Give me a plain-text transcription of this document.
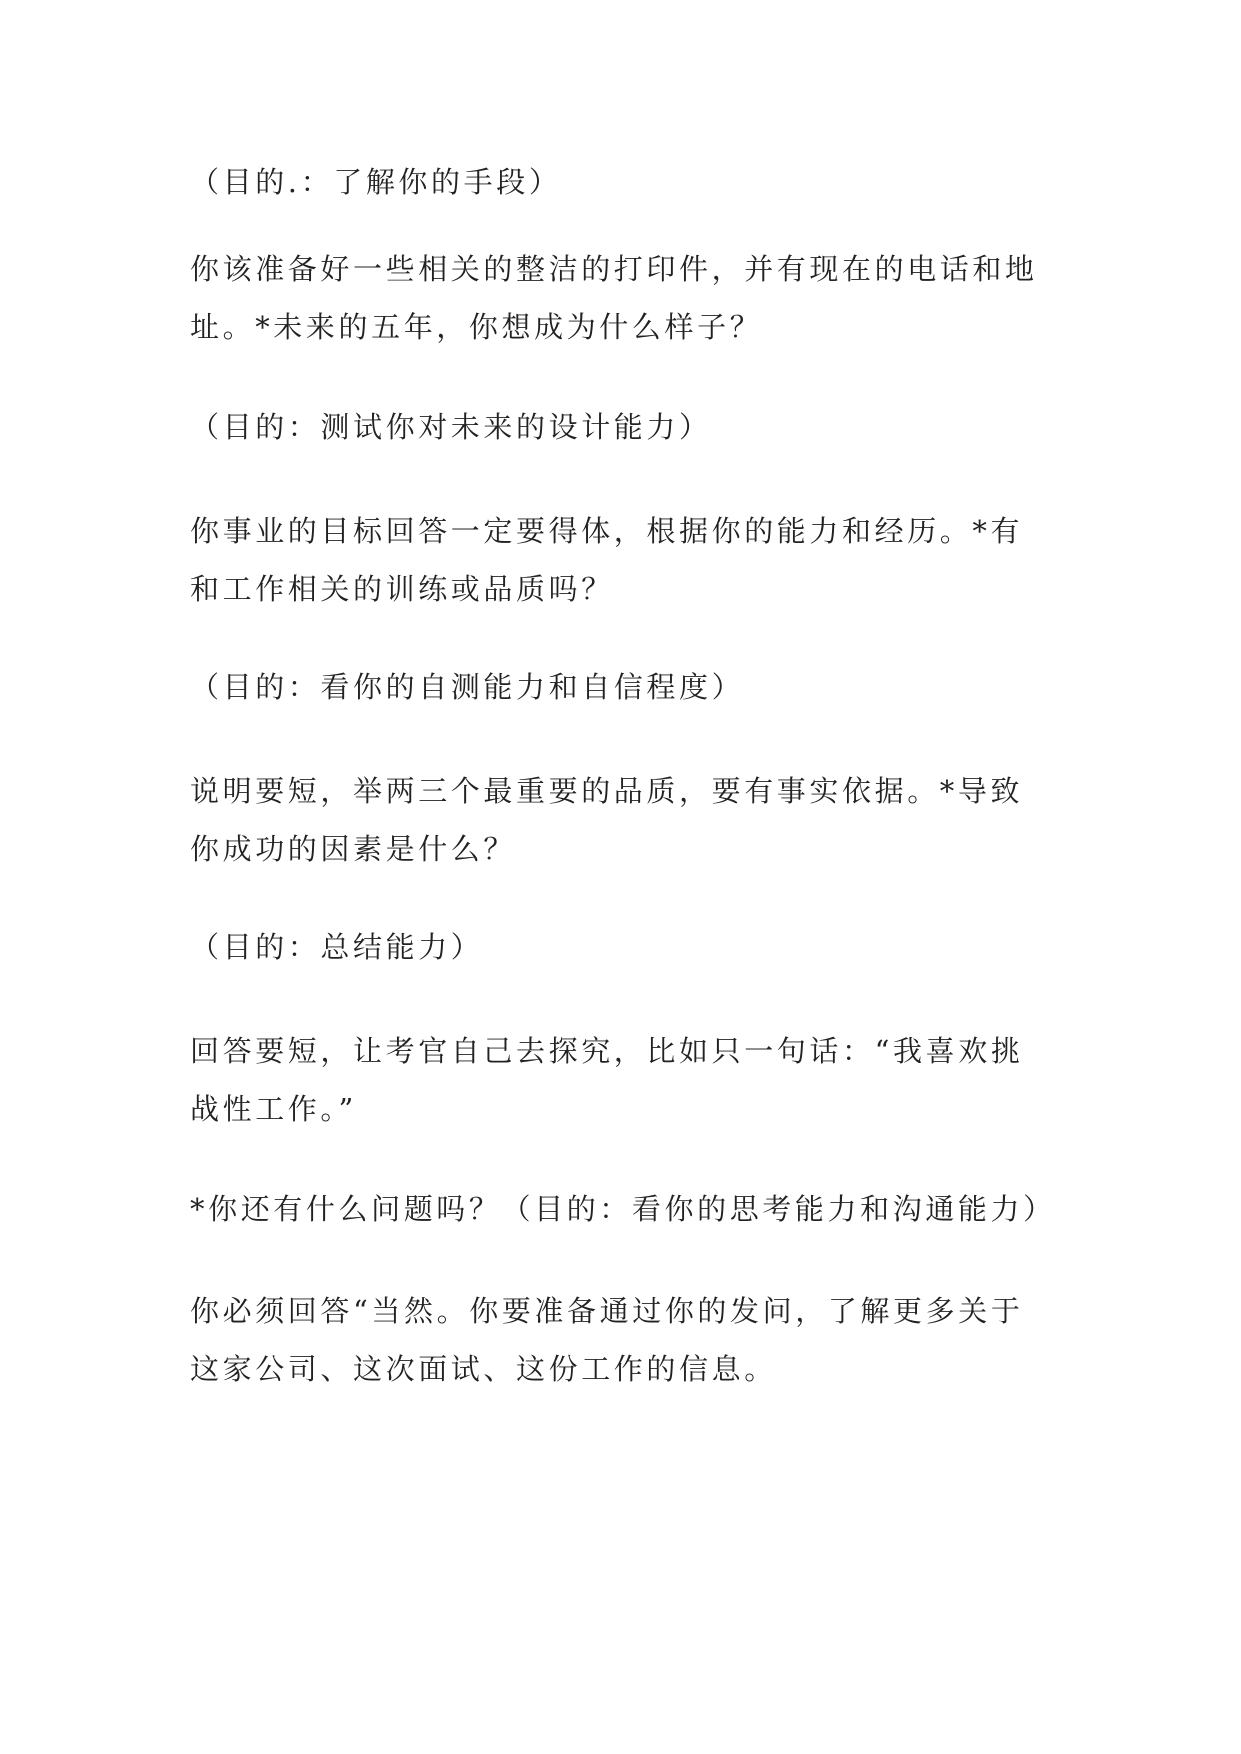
（目的.：了解你的手段）

你该准备好一些相关的整洁的打印件，并有现在的电话和地
址。*未来的五年，你想成为什么样子？

（目的：测试你对未来的设计能力）

你事业的目标回答一定要得体，根据你的能力和经历。*有
和工作相关的训练或品质吗？

（目的：看你的自测能力和自信程度）

说明要短，举两三个最重要的品质，要有事实依据。*导致
你成功的因素是什么？

（目的：总结能力）

回答要短，让考官自己去探究，比如只一句话：“我喜欢挑
战性工作。”

*你还有什么问题吗？（目的：看你的思考能力和沟通能力）

你必须回答“当然。你要准备通过你的发问，了解更多关于
这家公司、这次面试、这份工作的信息。
